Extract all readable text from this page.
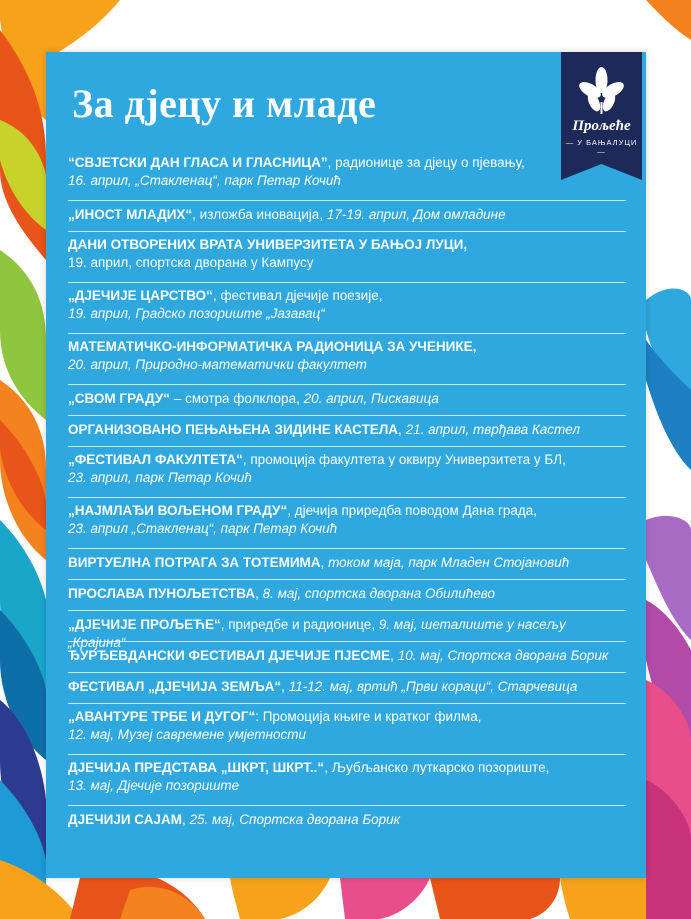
За дјецу и младе
“СВЈЕТСКИ ДАН ГЛАСА И ГЛАСНИЦА”, радионице за дјецу о пјевању,
16. април, „Стакленац“, парк Петар Кочић
„ИНОСТ МЛАДИХ“, изложба иновација, 17-19. април, Дом омладине
ДАНИ ОТВОРЕНИХ ВРАТА УНИВЕРЗИТЕТА У БАЊОЈ ЛУЦИ,
19. април, спортска дворана у Кампусу
„ДЈЕЧИЈЕ ЦАРСТВО“, фестивал дјечије поезије,
19. април, Градско позориште „Јазавац“
МАТЕМАТИЧКО-ИНФОРМАТИЧКА РАДИОНИЦА ЗА УЧЕНИКЕ,
20. април, Природно-математички факултет
„СВОМ ГРАДУ“ – смотра фолклора, 20. април, Пискавица
ОРГАНИЗОВАНО ПЕЊАЊЕНА ЗИДИНЕ КАСТЕЛА, 21. април, тврђава Кастел
„ФЕСТИВАЛ ФАКУЛТЕТА“, промоција факултета у оквиру Универзитета у БЛ,
23. април, парк Петар Кочић
„НАЈМЛАЂИ ВОЉЕНОМ ГРАДУ“, дјечија приредба поводом Дана града,
23. април „Стакленац“, парк Петар Кочић
ВИРТУЕЛНА ПОТРАГА ЗА ТОТЕМИМА, током маја, парк Младен Стојановић
ПРОСЛАВА ПУНОЉЕТСТВА, 8. мај, спортска дворана Обилићево
„ДЈЕЧИЈЕ ПРОЉЕЋЕ“, приредбе и радионице, 9. мај, шеталиште у насељу „Крајина“
ЂУРЂЕВДАНСКИ ФЕСТИВАЛ ДЈЕЧИЈЕ ПЈЕСМЕ, 10. мај, Спортска дворана Борик
ФЕСТИВАЛ „ДЈЕЧИЈА ЗЕМЉА“, 11-12. мај, вртић „Први кораци“, Старчевица
„АВАНТУРЕ ТРБЕ И ДУГОГ“: Промоција књиге и кратког филма,
12. мај, Музеј савремене умјетности
ДЈЕЧИЈА ПРЕДСТАВА „ШКРТ, ШКРТ..“, Љубљанско луткарско позориште,
13. мај, Дјечије позориште
ДЈЕЧИЈИ САЈАМ, 25. мај, Спортска дворана Борик
Прољеће
— У БАЊАЛУЦИ —
